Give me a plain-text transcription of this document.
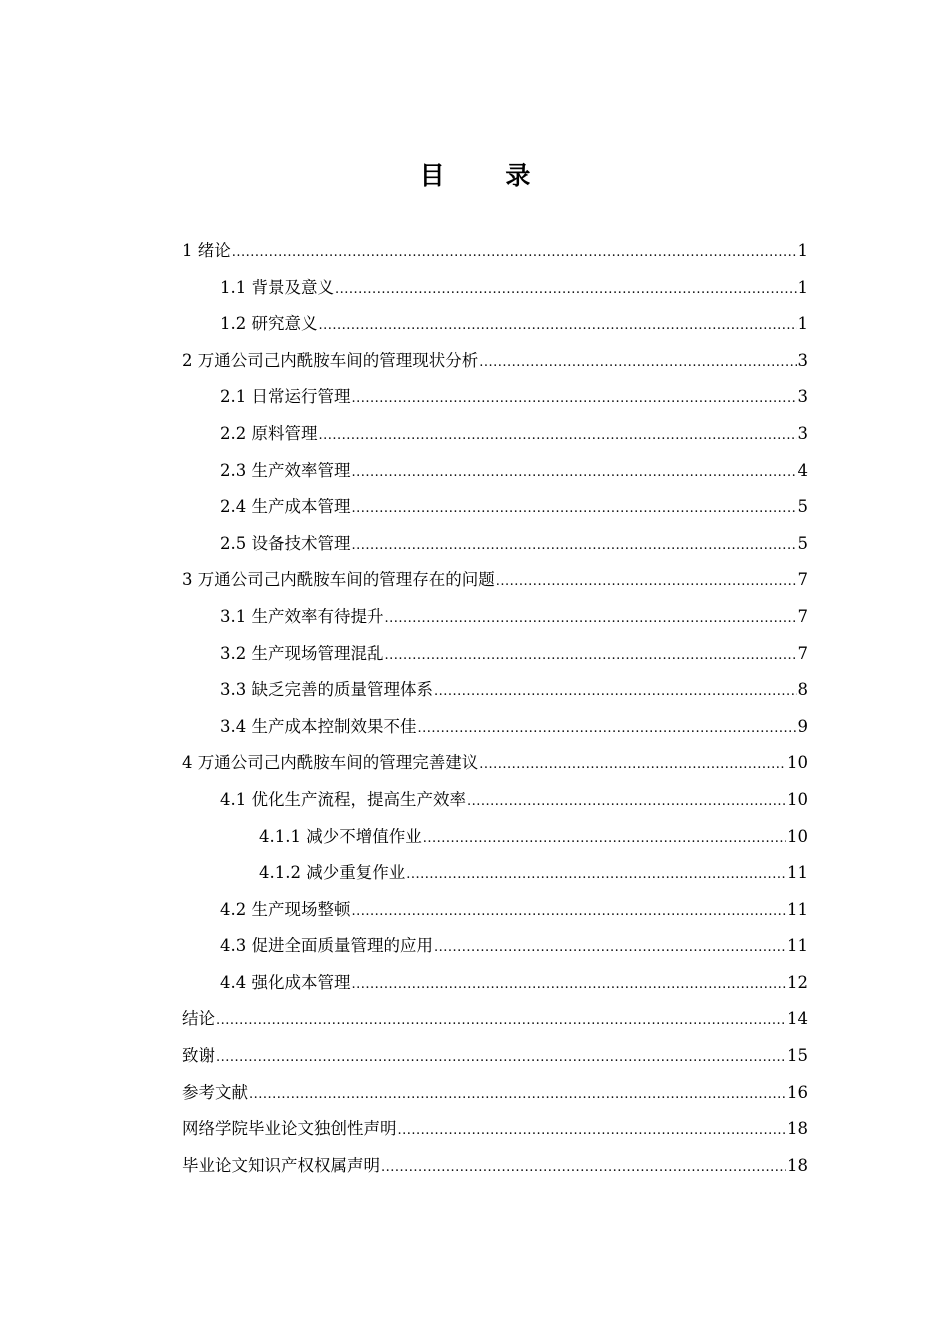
目 录
1 绪论 .....	1
1.1 背景及意义 .....	1
1.2 研究意义 .....	1
2 万通公司己内酰胺车间的管理现状分析 .....	3
2.1 日常运行管理 .....	3
2.2 原料管理 .....	3
2.3 生产效率管理 .....	4
2.4 生产成本管理 .....	5
2.5 设备技术管理 .....	5
3 万通公司己内酰胺车间的管理存在的问题 .....	7
3.1 生产效率有待提升 .....	7
3.2 生产现场管理混乱 .....	7
3.3 缺乏完善的质量管理体系 .....	8
3.4 生产成本控制效果不佳 .....	9
4 万通公司己内酰胺车间的管理完善建议 .....	10
4.1 优化生产流程，提高生产效率 .....	10
4.1.1 减少不增值作业 .....	10
4.1.2 减少重复作业 .....	11
4.2 生产现场整顿 .....	11
4.3 促进全面质量管理的应用 .....	11
4.4 强化成本管理 .....	12
结论 .....	14
致谢 .....	15
参考文献 .....	16
网络学院毕业论文独创性声明 .....	18
毕业论文知识产权权属声明 .....	18
